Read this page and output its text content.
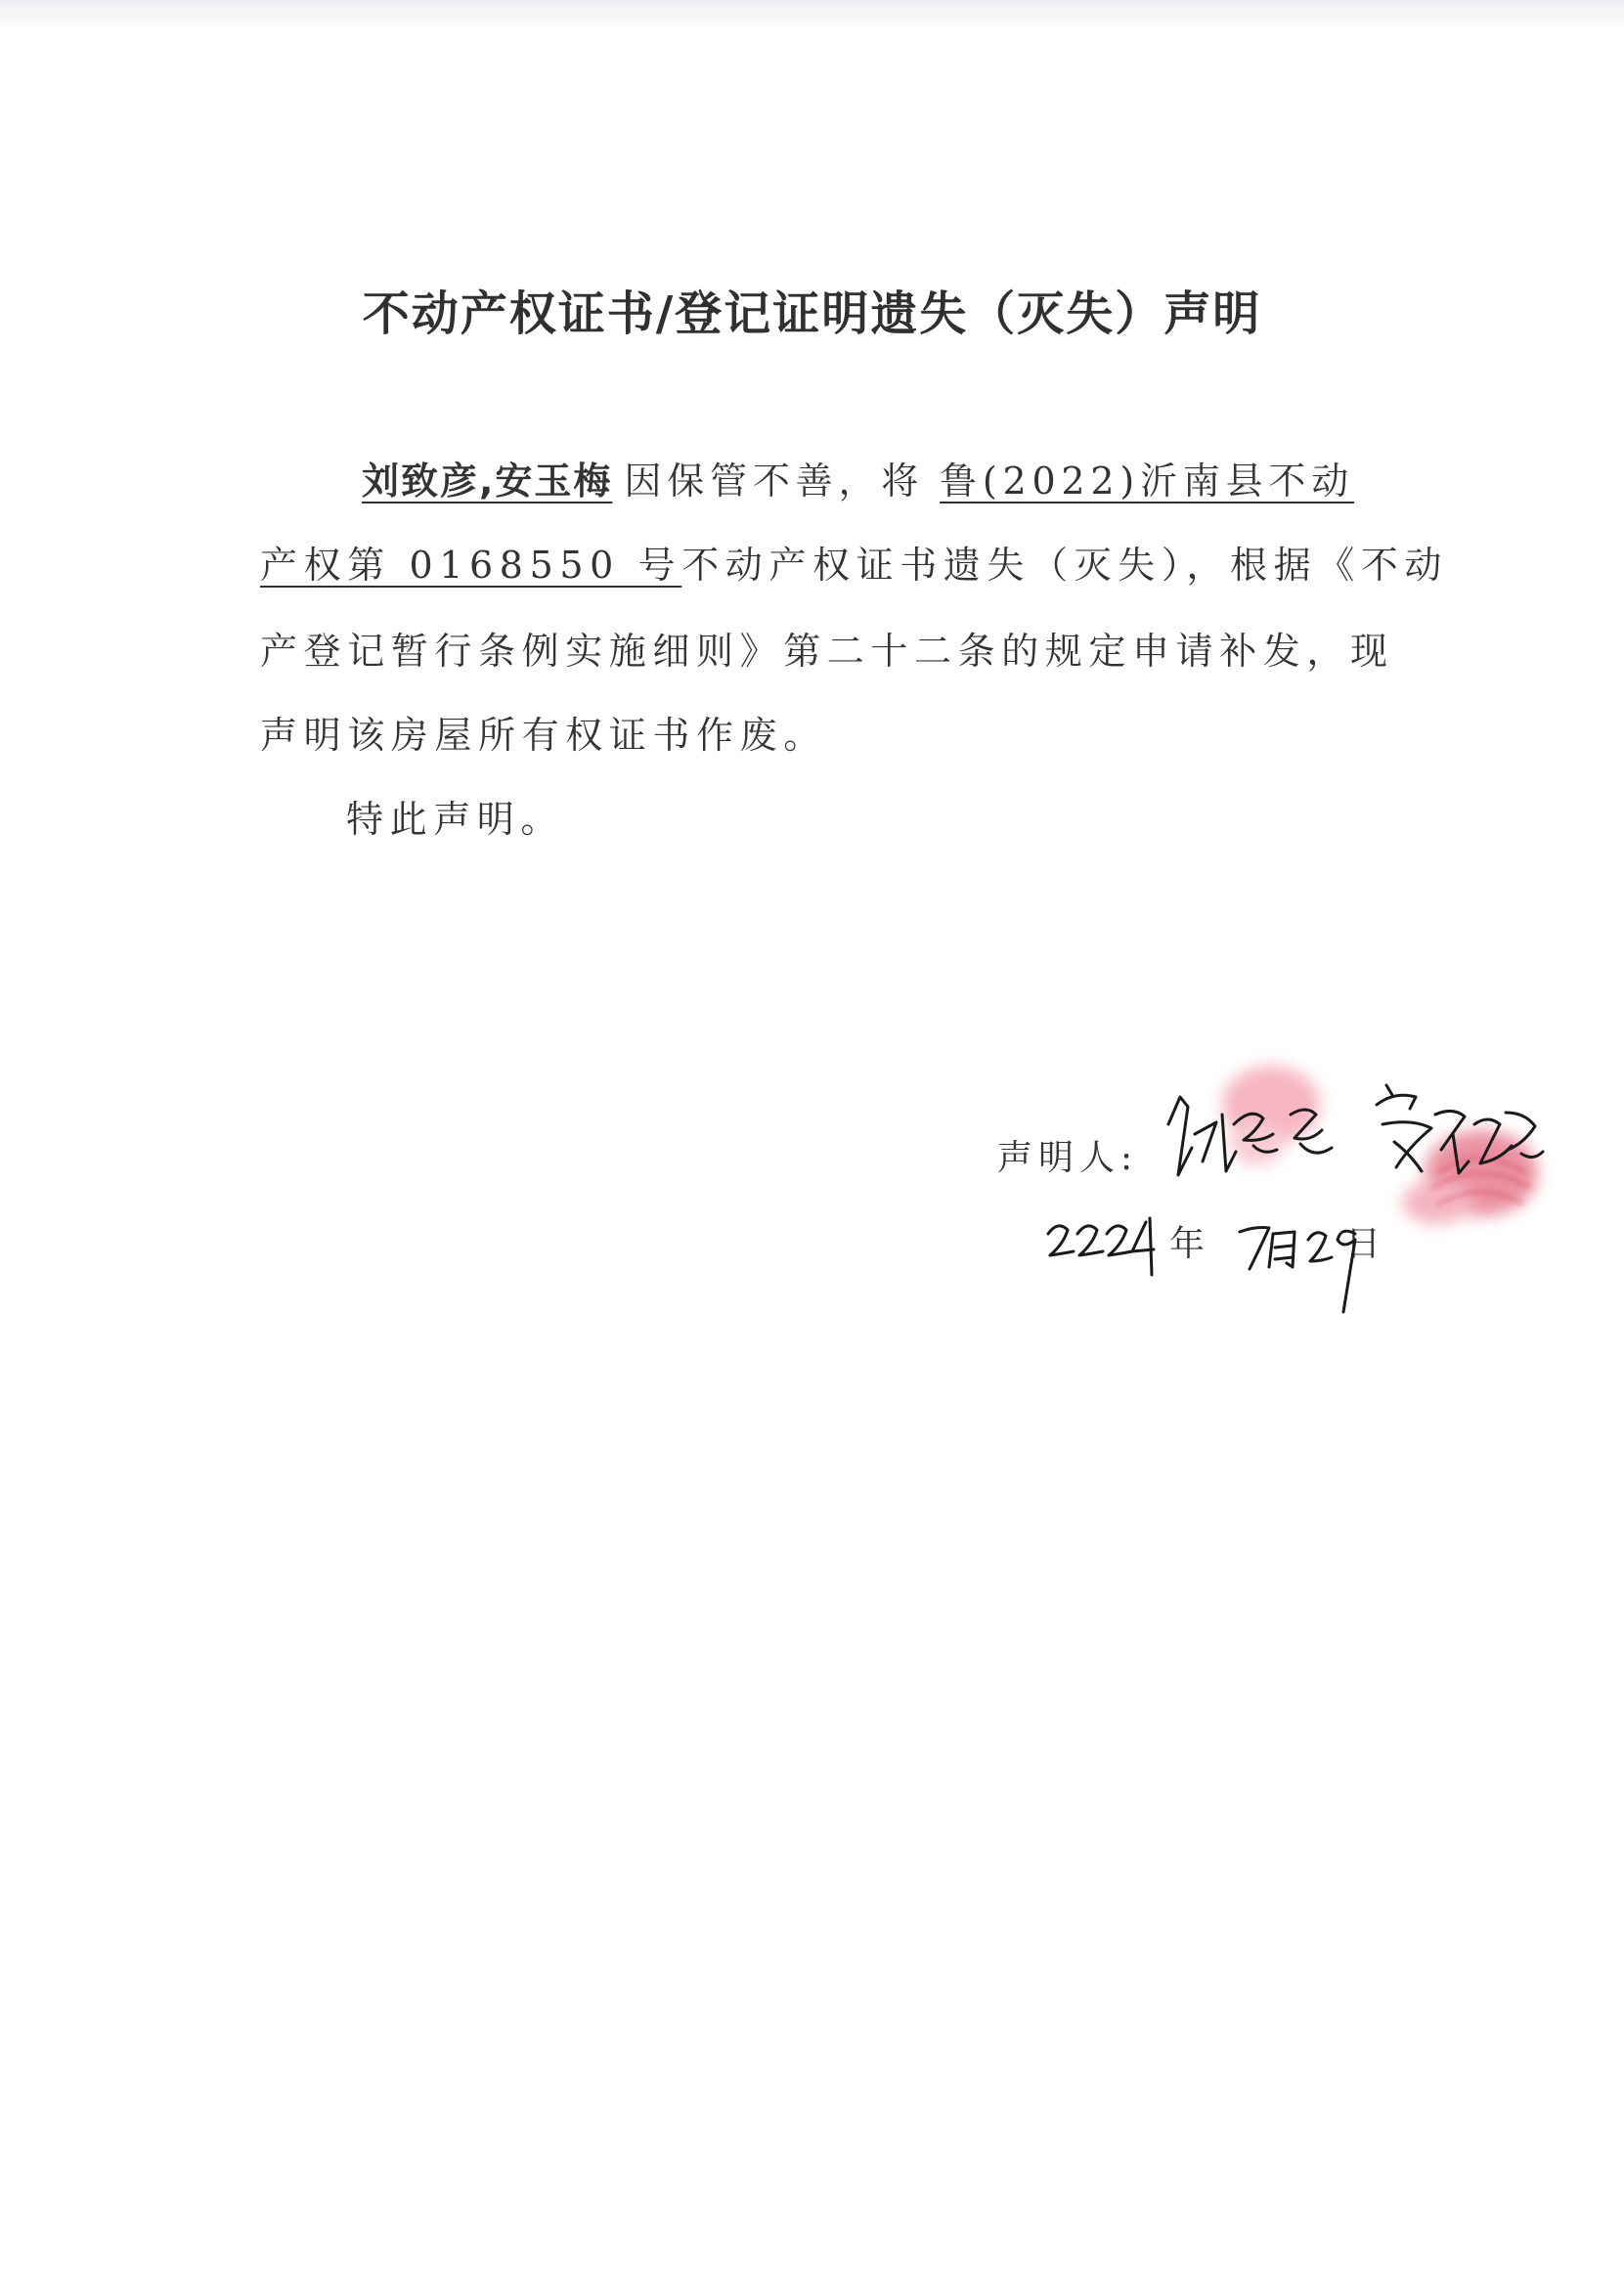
不动产权证书/登记证明遗失（灭失）声明
刘致彦,安玉梅 因保管不善，将 鲁(2022)沂南县不动
产权第 0168550 号不动产权证书遗失（灭失），根据《不动
产登记暂行条例实施细则》第二十二条的规定申请补发，现
声明该房屋所有权证书作废。
特此声明。
声明人:
年	日
